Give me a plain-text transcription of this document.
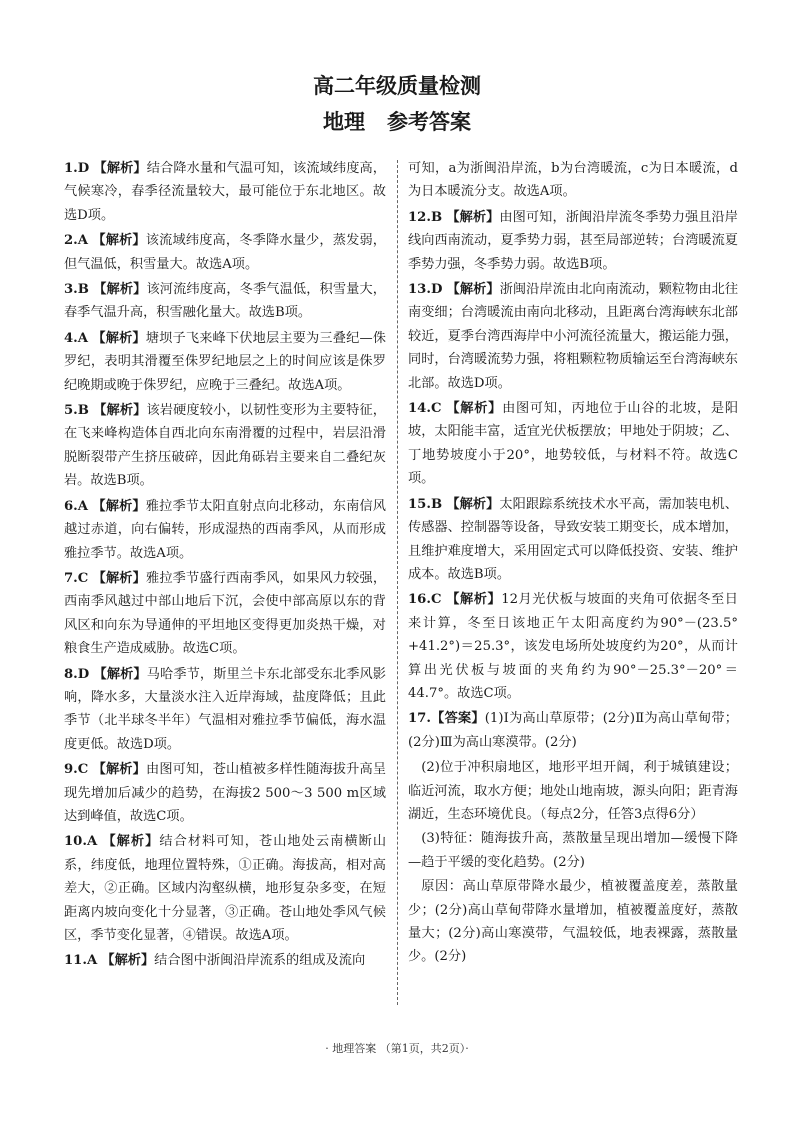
高二年级质量检测
地理 参考答案
1.D 【解析】结合降水量和气温可知，该流域纬度高，气候寒冷，春季径流量较大，最可能位于东北地区。故选D项。
2.A 【解析】该流域纬度高，冬季降水量少，蒸发弱，但气温低，积雪量大。故选A项。
3.B 【解析】该河流纬度高，冬季气温低，积雪量大，春季气温升高，积雪融化量大。故选B项。
4.A 【解析】塘坝子飞来峰下伏地层主要为三叠纪—侏罗纪，表明其滑覆至侏罗纪地层之上的时间应该是侏罗纪晚期或晚于侏罗纪，应晚于三叠纪。故选A项。
5.B 【解析】该岩硬度较小，以韧性变形为主要特征，在飞来峰构造体自西北向东南滑覆的过程中，岩层沿滑脱断裂带产生挤压破碎，因此角砾岩主要来自二叠纪灰岩。故选B项。
6.A 【解析】雅拉季节太阳直射点向北移动，东南信风越过赤道，向右偏转，形成湿热的西南季风，从而形成雅拉季节。故选A项。
7.C 【解析】雅拉季节盛行西南季风，如果风力较强，西南季风越过中部山地后下沉，会使中部高原以东的背风区和向东为导通伸的平坦地区变得更加炎热干燥，对粮食生产造成威胁。故选C项。
8.D 【解析】马哈季节，斯里兰卡东北部受东北季风影响，降水多，大量淡水注入近岸海域，盐度降低；且此季节（北半球冬半年）气温相对雅拉季节偏低，海水温度更低。故选D项。
9.C 【解析】由图可知，苍山植被多样性随海拔升高呈现先增加后减少的趋势，在海拔2 500～3 500 m区域达到峰值，故选C项。
10.A 【解析】结合材料可知，苍山地处云南横断山系，纬度低，地理位置特殊，①正确。海拔高，相对高差大，②正确。区域内沟壑纵横，地形复杂多变，在短距离内坡向变化十分显著，③正确。苍山地处季风气候区，季节变化显著，④错误。故选A项。
11.A 【解析】结合图中浙闽沿岸流系的组成及流向
可知，a为浙闽沿岸流，b为台湾暖流，c为日本暖流，d为日本暖流分支。故选A项。
12.B 【解析】由图可知，浙闽沿岸流冬季势力强且沿岸线向西南流动，夏季势力弱，甚至局部逆转；台湾暖流夏季势力强，冬季势力弱。故选B项。
13.D 【解析】浙闽沿岸流由北向南流动，颗粒物由北往南变细；台湾暖流由南向北移动，且距离台湾海峡东北部较近，夏季台湾西海岸中小河流径流量大，搬运能力强，同时，台湾暖流势力强，将粗颗粒物质输运至台湾海峡东北部。故选D项。
14.C 【解析】由图可知，丙地位于山谷的北坡，是阳坡，太阳能丰富，适宜光伏板摆放；甲地处于阴坡；乙、丁地势坡度小于20°，地势较低，与材料不符。故选C项。
15.B 【解析】太阳跟踪系统技术水平高，需加装电机、传感器、控制器等设备，导致安装工期变长，成本增加，且维护难度增大，采用固定式可以降低投资、安装、维护成本。故选B项。
16.C 【解析】12月光伏板与坡面的夹角可依据冬至日来计算，冬至日该地正午太阳高度约为90°－(23.5°+41.2°)＝25.3°，该发电场所处坡度约为20°，从而计算出光伏板与坡面的夹角约为90°－25.3°－20°＝44.7°。故选C项。
17.【答案】(1)Ⅰ为高山草原带；(2分)Ⅱ为高山草甸带；(2分)Ⅲ为高山寒漠带。(2分)
(2)位于冲积扇地区，地形平坦开阔，利于城镇建设；临近河流，取水方便；地处山地南坡，源头向阳；距青海湖近，生态环境优良。（每点2分，任答3点得6分）
(3)特征：随海拔升高，蒸散量呈现出增加—缓慢下降—趋于平缓的变化趋势。(2分)
原因：高山草原带降水最少，植被覆盖度差，蒸散量少；(2分)高山草甸带降水量增加，植被覆盖度好，蒸散量大；(2分)高山寒漠带，气温较低，地表裸露，蒸散量少。(2分)
· 地理答案 （第1页，共2页）·
